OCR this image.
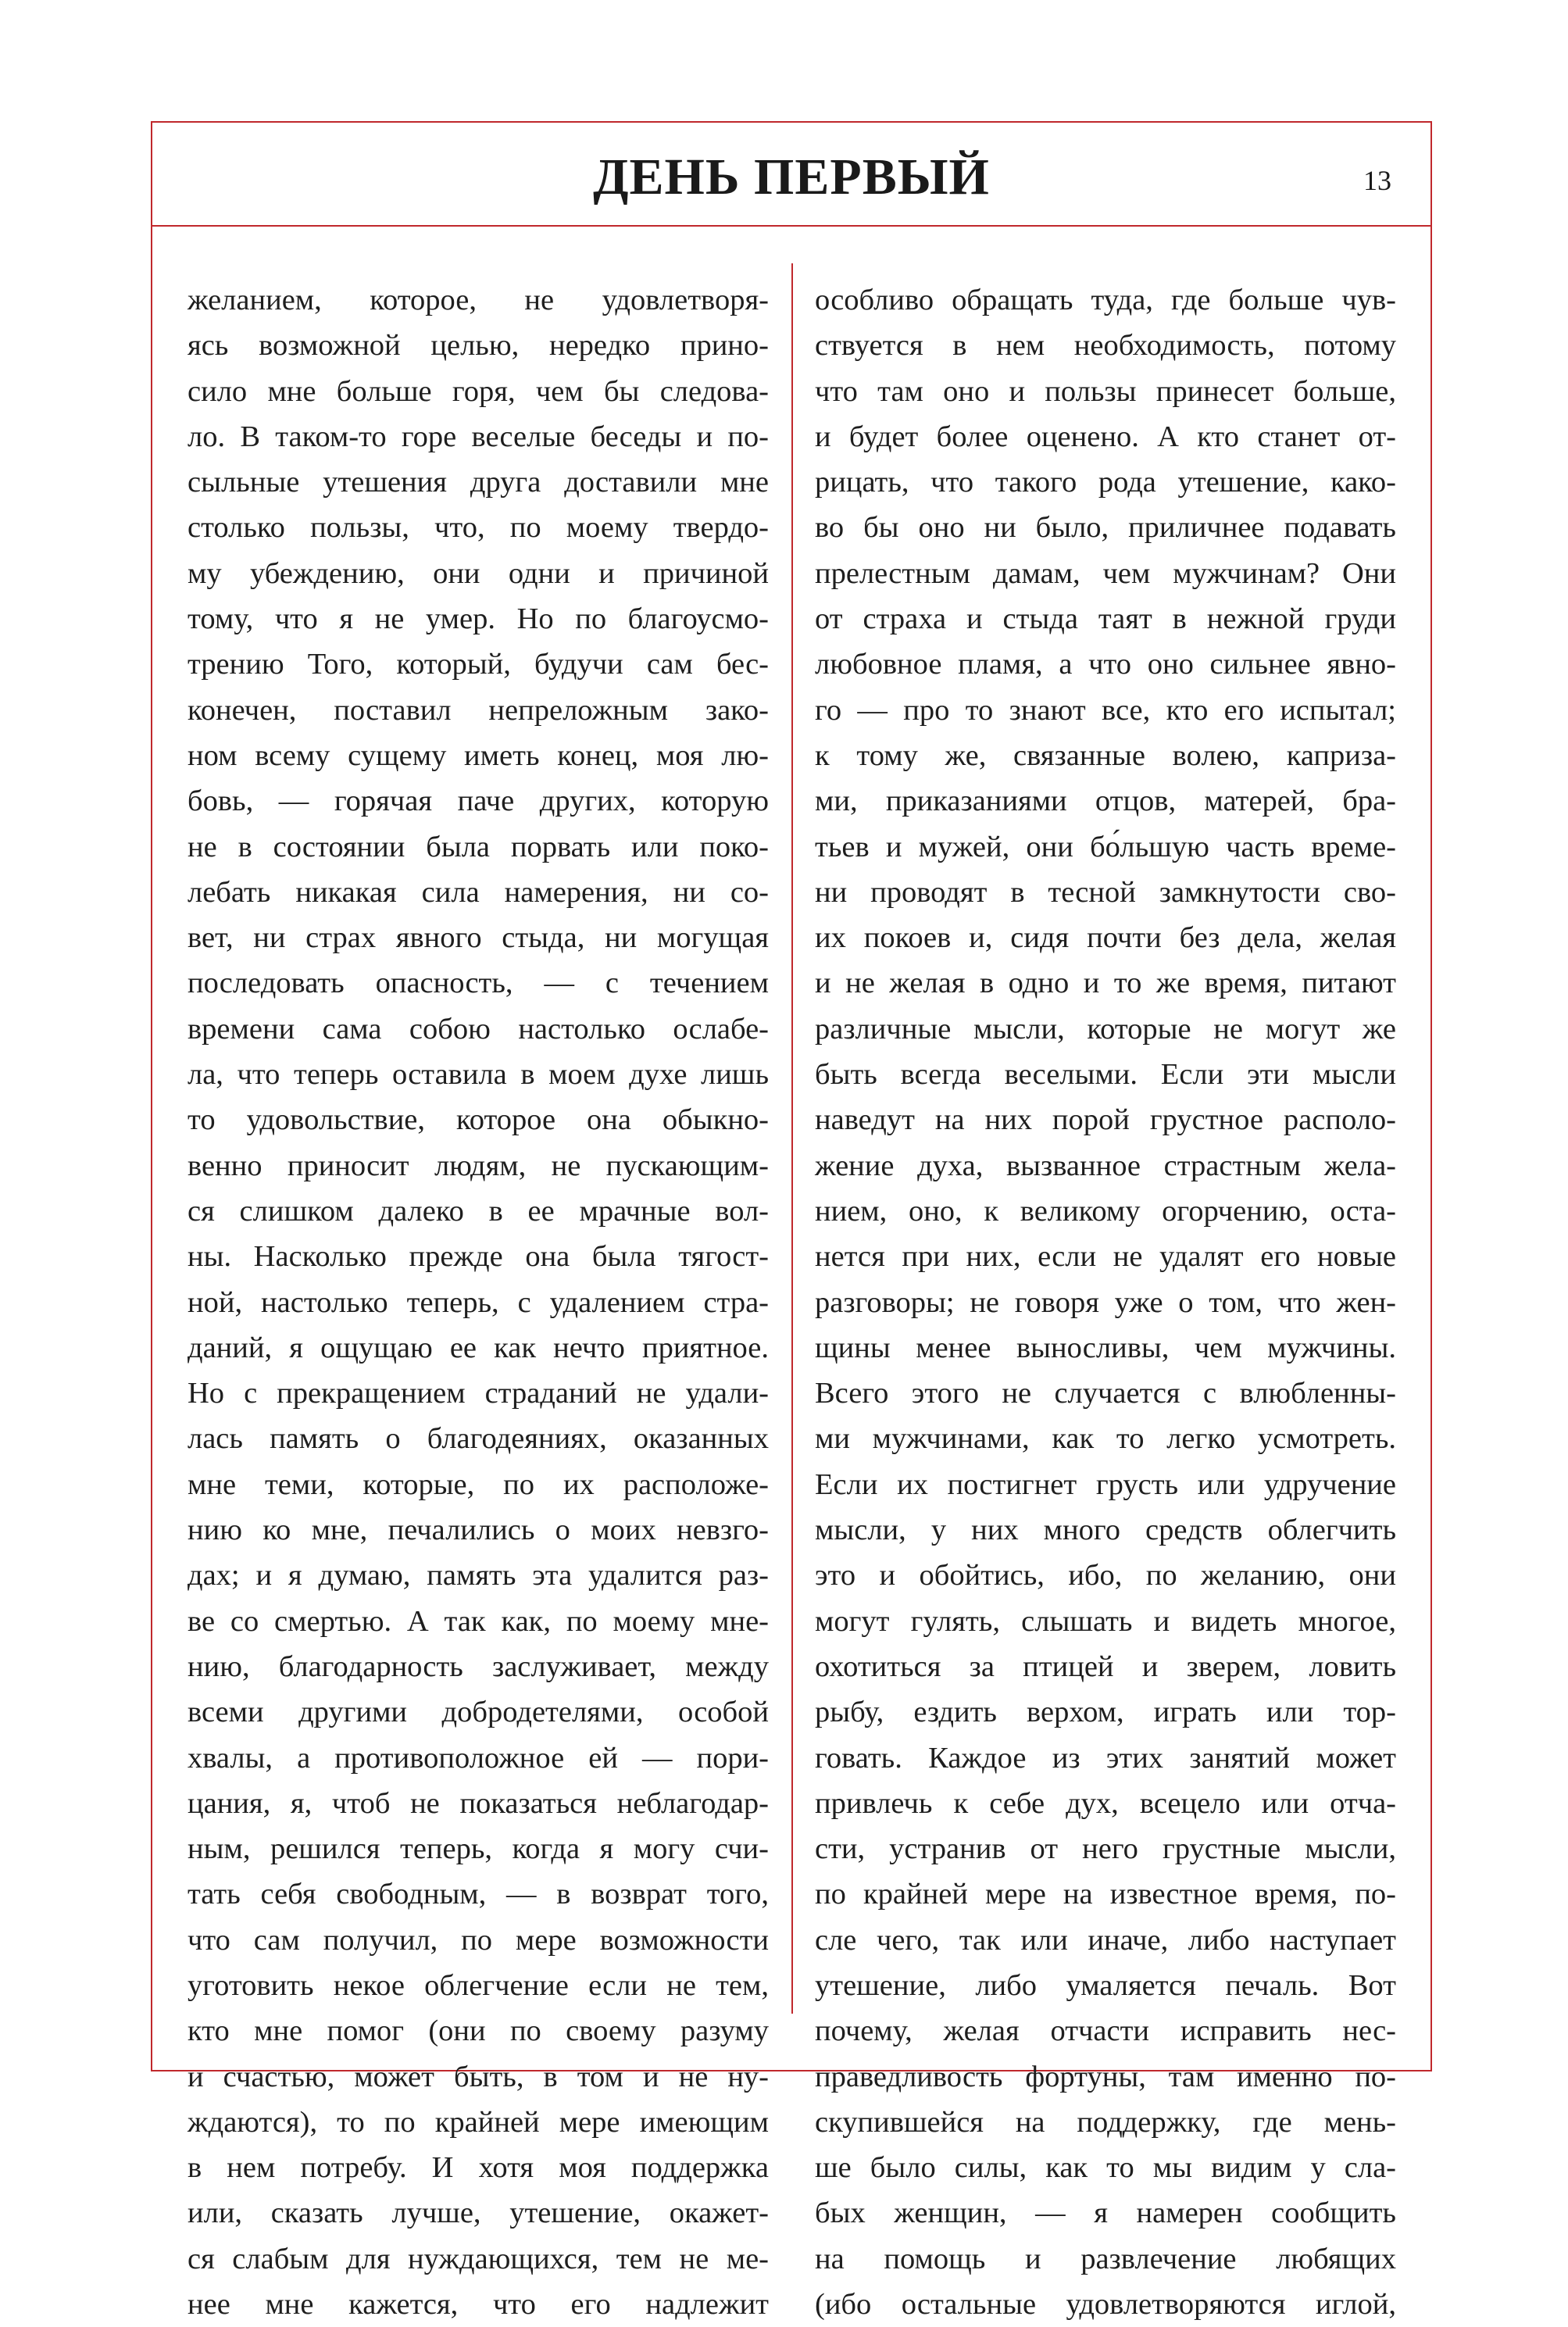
ДЕНЬ ПЕРВЫЙ	13
желанием, которое, не удовлетворя-
ясь возможной целью, нередко прино-
сило мне больше горя, чем бы следова-
ло. В таком-то горе веселые беседы и по-
сыльные утешения друга доставили мне
столько пользы, что, по моему твердо-
му убеждению, они одни и причиной
тому, что я не умер. Но по благоусмо-
трению Того, который, будучи сам бес-
конечен, поставил непреложным зако-
ном всему сущему иметь конец, моя лю-
бовь, — горячая паче других, которую
не в состоянии была порвать или поко-
лебать никакая сила намерения, ни со-
вет, ни страх явного стыда, ни могущая
последовать опасность, — с течением
времени сама собою настолько ослабе-
ла, что теперь оставила в моем духе лишь
то удовольствие, которое она обыкно-
венно приносит людям, не пускающим-
ся слишком далеко в ее мрачные вол-
ны. Насколько прежде она была тягост-
ной, настолько теперь, с удалением стра-
даний, я ощущаю ее как нечто приятное.
Но с прекращением страданий не удали-
лась память о благодеяниях, оказанных
мне теми, которые, по их расположе-
нию ко мне, печалились о моих невзго-
дах; и я думаю, память эта удалится раз-
ве со смертью. А так как, по моему мне-
нию, благодарность заслуживает, между
всеми другими добродетелями, особой
хвалы, а противоположное ей — пори-
цания, я, чтоб не показаться неблагодар-
ным, решился теперь, когда я могу счи-
тать себя свободным, — в возврат того,
что сам получил, по мере возможности
уготовить некое облегчение если не тем,
кто мне помог (они по своему разуму
и счастью, может быть, в том и не ну-
ждаются), то по крайней мере имеющим
в нем потребу. И хотя моя поддержка
или, сказать лучше, утешение, окажет-
ся слабым для нуждающихся, тем не ме-
нее мне кажется, что его надлежит
особливо обращать туда, где больше чув-
ствуется в нем необходимость, потому
что там оно и пользы принесет больше,
и будет более оценено. А кто станет от-
рицать, что такого рода утешение, како-
во бы оно ни было, приличнее подавать
прелестным дамам, чем мужчинам? Они
от страха и стыда таят в нежной груди
любовное пламя, а что оно сильнее явно-
го — про то знают все, кто его испытал;
к тому же, связанные волею, каприза-
ми, приказаниями отцов, матерей, бра-
тьев и мужей, они бо́льшую часть време-
ни проводят в тесной замкнутости сво-
их покоев и, сидя почти без дела, желая
и не желая в одно и то же время, питают
различные мысли, которые не могут же
быть всегда веселыми. Если эти мысли
наведут на них порой грустное располо-
жение духа, вызванное страстным жела-
нием, оно, к великому огорчению, оста-
нется при них, если не удалят его новые
разговоры; не говоря уже о том, что жен-
щины менее выносливы, чем мужчины.
Всего этого не случается с влюбленны-
ми мужчинами, как то легко усмотреть.
Если их постигнет грусть или удручение
мысли, у них много средств облегчить
это и обойтись, ибо, по желанию, они
могут гулять, слышать и видеть многое,
охотиться за птицей и зверем, ловить
рыбу, ездить верхом, играть или тор-
говать. Каждое из этих занятий может
привлечь к себе дух, всецело или отча-
сти, устранив от него грустные мысли,
по крайней мере на известное время, по-
сле чего, так или иначе, либо наступает
утешение, либо умаляется печаль. Вот
почему, желая отчасти исправить нес-
праведливость фортуны, там именно по-
скупившейся на поддержку, где мень-
ше было силы, как то мы видим у сла-
бых женщин, — я намерен сообщить
на помощь и развлечение любящих
(ибо остальные удовлетворяются иглой,
